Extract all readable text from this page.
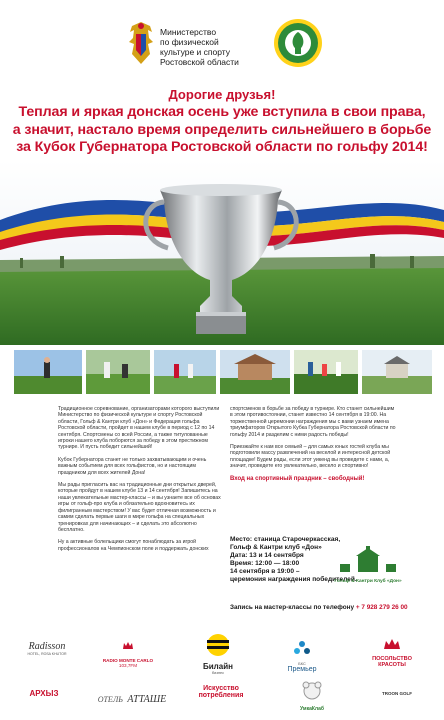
Министерство
по физической
культуре и спорту
Ростовской области
Дорогие друзья!
Теплая и яркая донская осень уже вступила в свои права,
а значит, настало время определить сильнейшего в борьбе
за Кубок Губернатора Ростовской области по гольфу 2014!

Традиционное соревнование, организаторами которого выступили Министерство по физической культуре и спорту Ростовской области, Гольф & Кантри клуб «Дон» и Федерация гольфа Ростовской области, пройдет в нашем клубе в период с 12 по 14 сентября. Спортсмены со всей России, а также титулованные игроки нашего клуба поборются за победу в этом престижном турнире. И пусть победит сильнейший!

Кубок Губернатора станет не только захватывающим и очень важным событием для всех гольфистов, но и настоящим праздником для всех жителей Дона!

Мы рады пригласить вас на традиционные дни открытых дверей, которые пройдут в нашем клубе 13 и 14 сентября! Запишитесь на наши увлекательные мастер-классы – и вы узнаете все об основах игры от гольф-про клуба и обязательно вдохновитесь их филигранным мастерством! У вас будет отличная возможность и самим сделать первые шаги в мире гольфа на специальных тренировках для начинающих – и сделать это абсолютно бесплатно.

Ну а активные болельщики смогут понаблюдать за игрой профессионалов на Чемпионском поле и поддержать донских

спортсменов в борьбе за победу в турнире. Кто станет сильнейшим в этом противостоянии, станет известно 14 сентября в 19:00. На торжественной церемонии награждения мы с вами узнаем имена триумфаторов Открытого Кубка Губернатора Ростовской области по гольфу 2014 и разделим с ними радость победы!

Приезжайте к нам все семьей – для самых юных гостей клуба мы подготовили массу развлечений на веселой и интересной детской площадке! Будем рады, если этот уикенд вы проведете с нами, а, значит, проведете его увлекательно, весело и спортивно!

Вход на спортивный праздник – свободный!

Место: станица Старочеркасская,
Гольф & Кантри клуб «Дон»
Дата: 13 и 14 сентября
Время: 12:00 — 18:00
14 сентября в 19:00 –
церемония награждения победителей.
Гольф & Кантри Клуб «Дон»
Запись на мастер-классы по телефону + 7 928 279 26 00
Radisson
HOTEL, ROSA KHUTOR
RADIO MONTE CARLO
103,7FM	Билайн
бизнес
БКС
Премьер
ПОСОЛЬСТВО
КРАСОТЫ
АРХЫЗ
ОТЕЛЬ АТТАШЕ
Искусство
потребления
УмкаКлаб
TROON GOLF
